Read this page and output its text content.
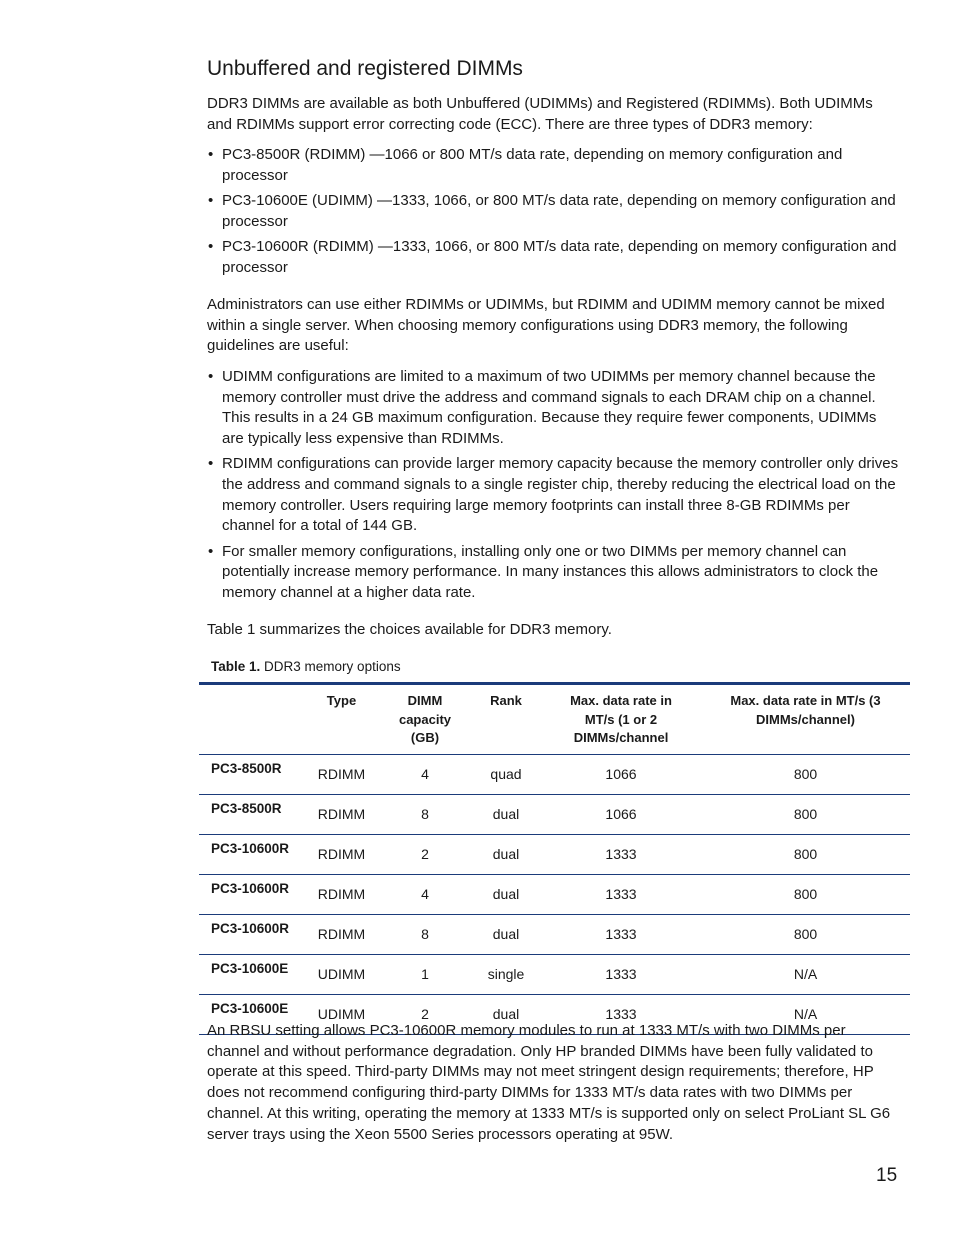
Unbuffered and registered DIMMs

DDR3 DIMMs are available as both Unbuffered (UDIMMs) and Registered (RDIMMs). Both UDIMMs and RDIMMs support error correcting code (ECC). There are three types of DDR3 memory:

• PC3-8500R (RDIMM) —1066 or 800 MT/s data rate, depending on memory configuration and processor
• PC3-10600E (UDIMM) —1333, 1066, or 800 MT/s data rate, depending on memory configuration and processor
• PC3-10600R (RDIMM) —1333, 1066, or 800 MT/s data rate, depending on memory configuration and processor

Administrators can use either RDIMMs or UDIMMs, but RDIMM and UDIMM memory cannot be mixed within a single server. When choosing memory configurations using DDR3 memory, the following guidelines are useful:

• UDIMM configurations are limited to a maximum of two UDIMMs per memory channel because the memory controller must drive the address and command signals to each DRAM chip on a channel. This results in a 24 GB maximum configuration. Because they require fewer components, UDIMMs are typically less expensive than RDIMMs.
• RDIMM configurations can provide larger memory capacity because the memory controller only drives the address and command signals to a single register chip, thereby reducing the electrical load on the memory controller. Users requiring large memory footprints can install three 8-GB RDIMMs per channel for a total of 144 GB.
• For smaller memory configurations, installing only one or two DIMMs per memory channel can potentially increase memory performance. In many instances this allows administrators to clock the memory channel at a higher data rate.

Table 1 summarizes the choices available for DDR3 memory.

Table 1. DDR3 memory options
	Type	DIMM capacity (GB)	Rank	Max. data rate in MT/s (1 or 2 DIMMs/channel	Max. data rate in MT/s (3 DIMMs/channel)
PC3-8500R	RDIMM	4	quad	1066	800
PC3-8500R	RDIMM	8	dual	1066	800
PC3-10600R	RDIMM	2	dual	1333	800
PC3-10600R	RDIMM	4	dual	1333	800
PC3-10600R	RDIMM	8	dual	1333	800
PC3-10600E	UDIMM	1	single	1333	N/A
PC3-10600E	UDIMM	2	dual	1333	N/A

An RBSU setting allows PC3-10600R memory modules to run at 1333 MT/s with two DIMMs per channel and without performance degradation. Only HP branded DIMMs have been fully validated to operate at this speed. Third-party DIMMs may not meet stringent design requirements; therefore, HP does not recommend configuring third-party DIMMs for 1333 MT/s data rates with two DIMMs per channel. At this writing, operating the memory at 1333 MT/s is supported only on select ProLiant SL G6 server trays using the Xeon 5500 Series processors operating at 95W.

15
